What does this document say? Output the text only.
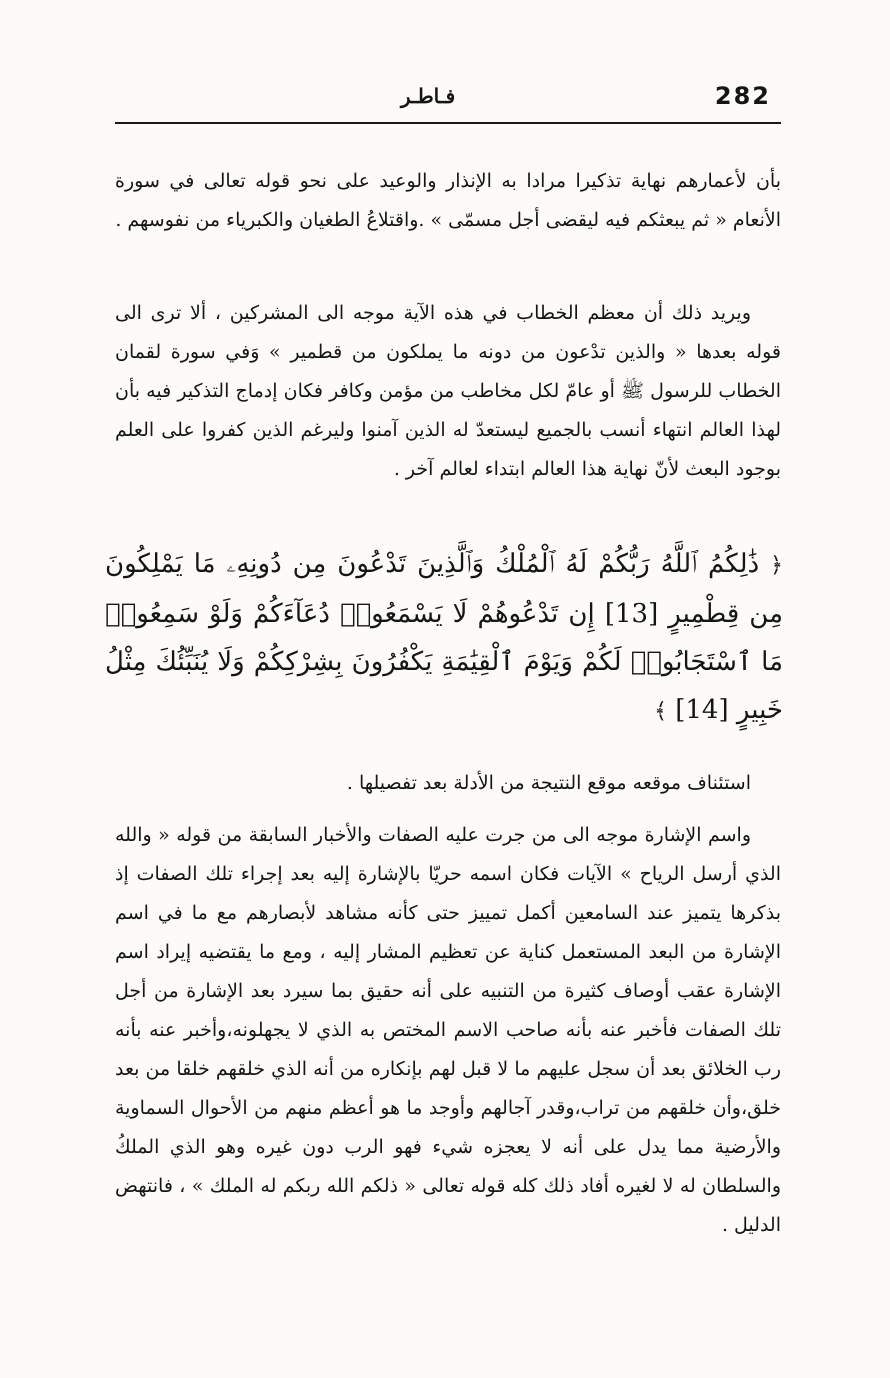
282
فـاطـر

بأن لأعمارهم نهاية تذكيرا مرادا به الإنذار والوعيد على نحو قوله تعالى في سورة الأنعام « ثم يبعثكم فيه ليقضى أجل مسمّى » .واقتلاعُ الطغيان والكبرياء من نفوسهم .

ويريد ذلك أن معظم الخطاب في هذه الآية موجه الى المشركين ، ألا ترى الى قوله بعدها « والذين تدْعون من دونه ما يملكون من قطمير » وَفي سورة لقمان الخطاب للرسول ﷺ أو عامّ لكل مخاطب من مؤمن وكافر فكان إدماج التذكير فيه بأن لهذا العالم انتهاء أنسب بالجميع ليستعدّ له الذين آمنوا وليرغم الذين كفروا على العلم بوجود البعث لأنّ نهاية هذا العالم ابتداء لعالم آخر .

﴿ ذَٰلِكُمُ ٱللَّهُ رَبُّكُمْ لَهُ ٱلْمُلْكُ وَٱلَّذِينَ تَدْعُونَ مِن دُونِهِۦ مَا يَمْلِكُونَ مِن قِطْمِيرٍ [13] إِن تَدْعُوهُمْ لَا يَسْمَعُوا۟ دُعَآءَكُمْ وَلَوْ سَمِعُوا۟ مَا ٱسْتَجَابُوا۟ لَكُمْ وَيَوْمَ ٱلْقِيَٰمَةِ يَكْفُرُونَ بِشِرْكِكُمْ وَلَا يُنَبِّئُكَ مِثْلُ خَبِيرٍ [14] ﴾

استئناف موقعه موقع النتيجة من الأدلة بعد تفصيلها .

واسم الإشارة موجه الى من جرت عليه الصفات والأخبار السابقة من قوله « والله الذي أرسل الرياح » الآيات فكان اسمه حريّا بالإشارة إليه بعد إجراء تلك الصفات إذ بذكرها يتميز عند السامعين أكمل تمييز حتى كأنه مشاهد لأبصارهم مع ما في اسم الإشارة من البعد المستعمل كناية عن تعظيم المشار إليه ، ومع ما يقتضيه إيراد اسم الإشارة عقب أوصاف كثيرة من التنبيه على أنه حقيق بما سيرد بعد الإشارة من أجل تلك الصفات فأخبر عنه بأنه صاحب الاسم المختص به الذي لا يجهلونه،وأخبر عنه بأنه رب الخلائق بعد أن سجل عليهم ما لا قبل لهم بإنكاره من أنه الذي خلقهم خلقا من بعد خلق،وأن خلقهم من تراب،وقدر آجالهم وأوجد ما هو أعظم منهم من الأحوال السماوية والأرضية مما يدل على أنه لا يعجزه شيء فهو الرب دون غيره وهو الذي الملكُ والسلطان له لا لغيره أفاد ذلك كله قوله تعالى « ذلكم الله ربكم له الملك » ، فانتهض الدليل .
